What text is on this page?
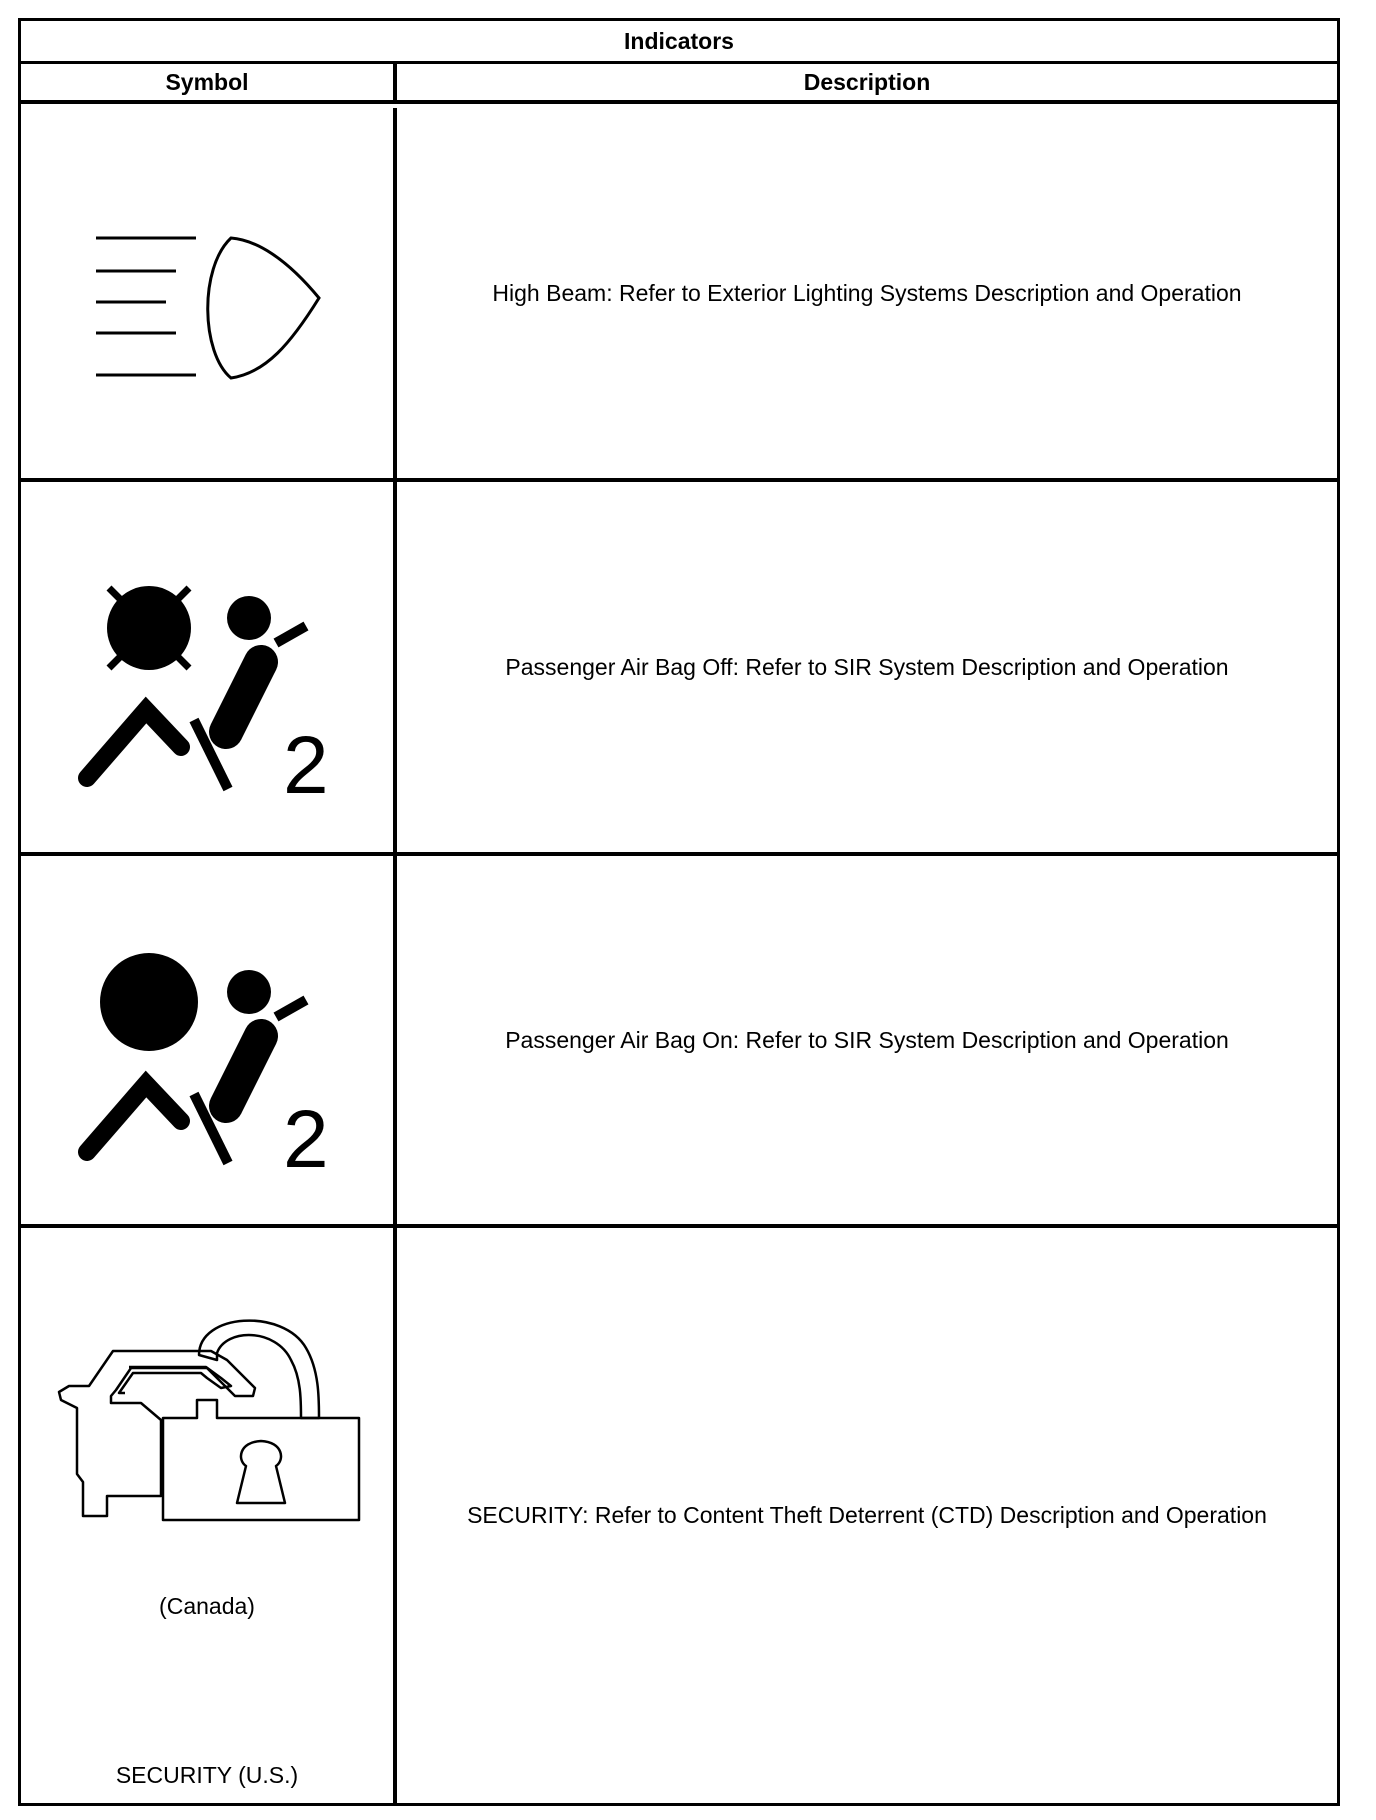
Indicators
Symbol	Description
High Beam: Refer to Exterior Lighting Systems Description and Operation
2
Passenger Air Bag Off: Refer to SIR System Description and Operation
2
Passenger Air Bag On: Refer to SIR System Description and Operation
(Canada)
SECURITY (U.S.)
SECURITY: Refer to Content Theft Deterrent (CTD) Description and Operation
